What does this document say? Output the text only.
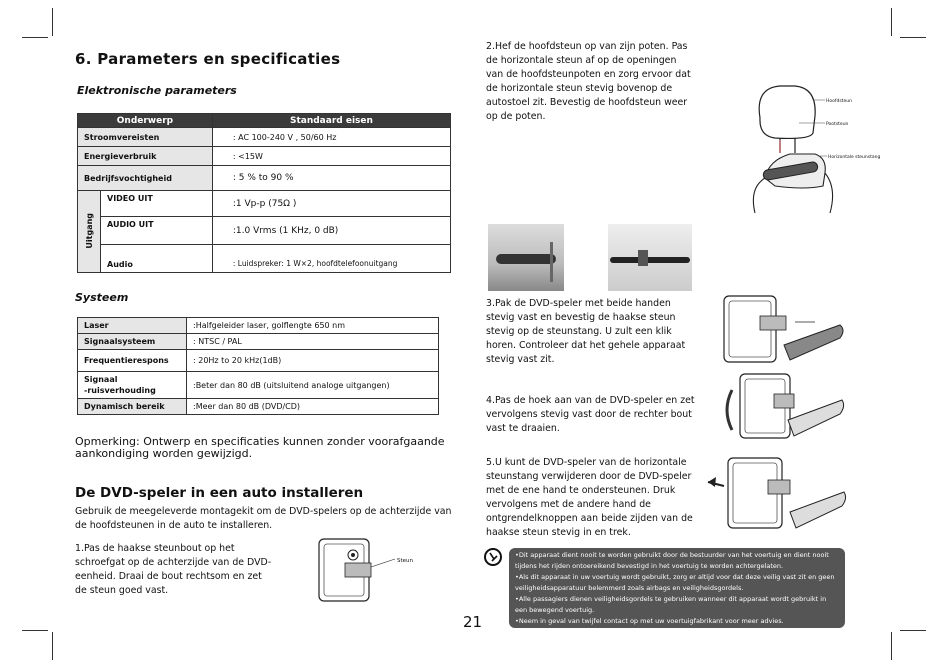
6. Parameters en specificaties
Elektronische parameters
Onderwerp		Standaard eisen
Stroomvereisten		: AC 100-240 V , 50/60 Hz
Energieverbruik		: <15W
Bedrijfsvochtigheid		: 5 % to 90 %
Uitgang	VIDEO UIT	:1 Vp-p (75Ω )
	AUDIO UIT	:1.0 Vrms (1 KHz, 0 dB)
	Audio	: Luidspreker: 1 W×2, hoofdtelefoonuitgang
Systeem
Laser	:Halfgeleider laser, golflengte 650 nm
Signaalsysteem	: NTSC / PAL
Frequentierespons	: 20Hz to 20 kHz(1dB)
Signaal
-ruisverhouding	:Beter dan 80 dB (uitsluitend analoge uitgangen)
Dynamisch bereik	:Meer dan 80 dB (DVD/CD)
Opmerking: Ontwerp en specificaties kunnen zonder voorafgaande aankondiging worden gewijzigd.
De DVD-speler in een auto installeren
Gebruik de meegeleverde montagekit om de DVD-spelers op de achterzijde van de hoofdsteunen in de auto te installeren.
1.Pas de haakse steunbout op het schroefgat op de achterzijde van de DVD-eenheid. Draai de bout rechtsom en zet de steun goed vast.
Steun
2.Hef de hoofdsteun op van zijn poten. Pas de horizontale steun af op de openingen van de hoofdsteunpoten en zorg ervoor dat de horizontale steun stevig bovenop de autostoel zit. Bevestig de hoofdsteun weer op de poten.
Hoofdsteun
Pootsteun
Horizontale steunstang
3.Pak de DVD-speler met beide handen stevig vast en bevestig de haakse steun stevig op de steunstang. U zult een klik horen. Controleer dat het gehele apparaat stevig vast zit.
4.Pas de hoek aan van de DVD-speler en zet vervolgens stevig vast door de rechter bout vast te draaien.
5.U kunt de DVD-speler van de horizontale steunstang verwijderen door de DVD-speler met de ene hand te ondersteunen. Druk vervolgens met de andere hand de ontgrendelknoppen aan beide zijden van de haakse steun stevig in en trek.
•Dit apparaat dient nooit te worden gebruikt door de bestuurder van het voertuig en dient nooit tijdens het rijden ontoereikend bevestigd in het voertuig te worden achtergelaten.
•Als dit apparaat in uw voertuig wordt gebruikt, zorg er altijd voor dat deze veilig vast zit en geen veiligheidsapparatuur belemmerd zoals airbags en veiligheidsgordels.
•Alle passagiers dienen veiligheidsgordels te gebruiken wanneer dit apparaat wordt gebruikt in een bewegend voertuig.
•Neem in geval van twijfel contact op met uw voertuigfabrikant voor meer advies.
21
